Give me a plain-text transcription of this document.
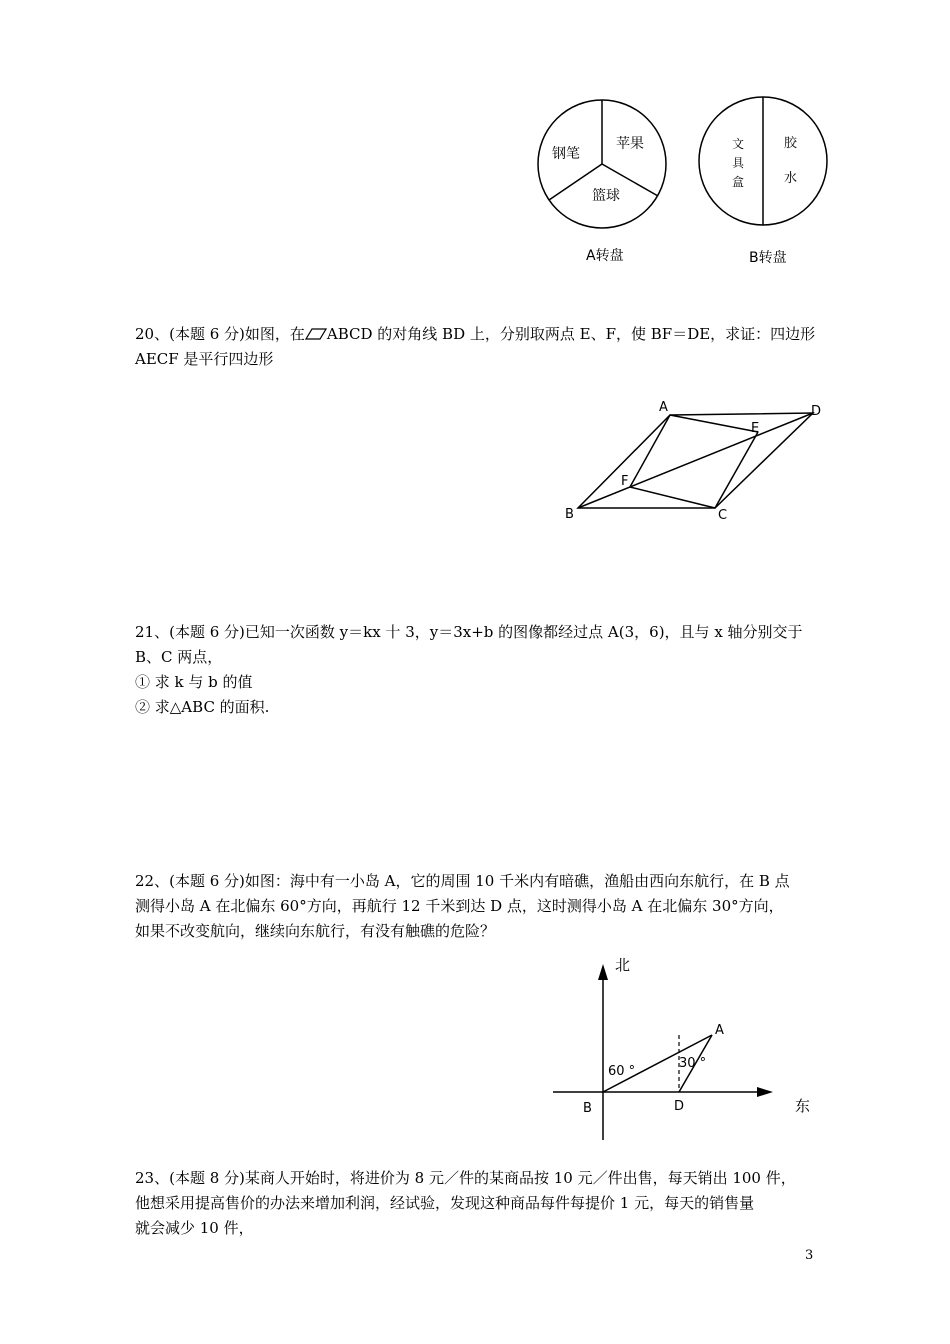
钢笔
苹果
篮球
A转盘
文
具
盒
胶
水
B转盘
20、(本题 6 分)如图，在 ABCD 的对角线 BD 上，分别取两点 E、F，使 BF＝DE，求证：四边形
AECF 是平行四边形
A	D
E
F
B	C
21、(本题 6 分)已知一次函数 y＝kx 十 3，y＝3x+b 的图像都经过点 A(3，6)，且与 x 轴分别交于
B、C 两点，
① 求 k 与 b 的值
② 求△ABC 的面积.
22、(本题 6 分)如图：海中有一小岛 A，它的周围 10 千米内有暗礁，渔船由西向东航行，在 B 点
测得小岛 A 在北偏东 60°方向，再航行 12 千米到达 D 点，这时测得小岛 A 在北偏东 30°方向，
如果不改变航向，继续向东航行，有没有触礁的危险？
北
东
A
B	D
60 °
30 °
23、(本题 8 分)某商人开始时，将进价为 8 元／件的某商品按 10 元／件出售，每天销出 100 件，
他想采用提高售价的办法来增加利润，经试验，发现这种商品每件每提价 1 元，每天的销售量
就会减少 10 件，
3
